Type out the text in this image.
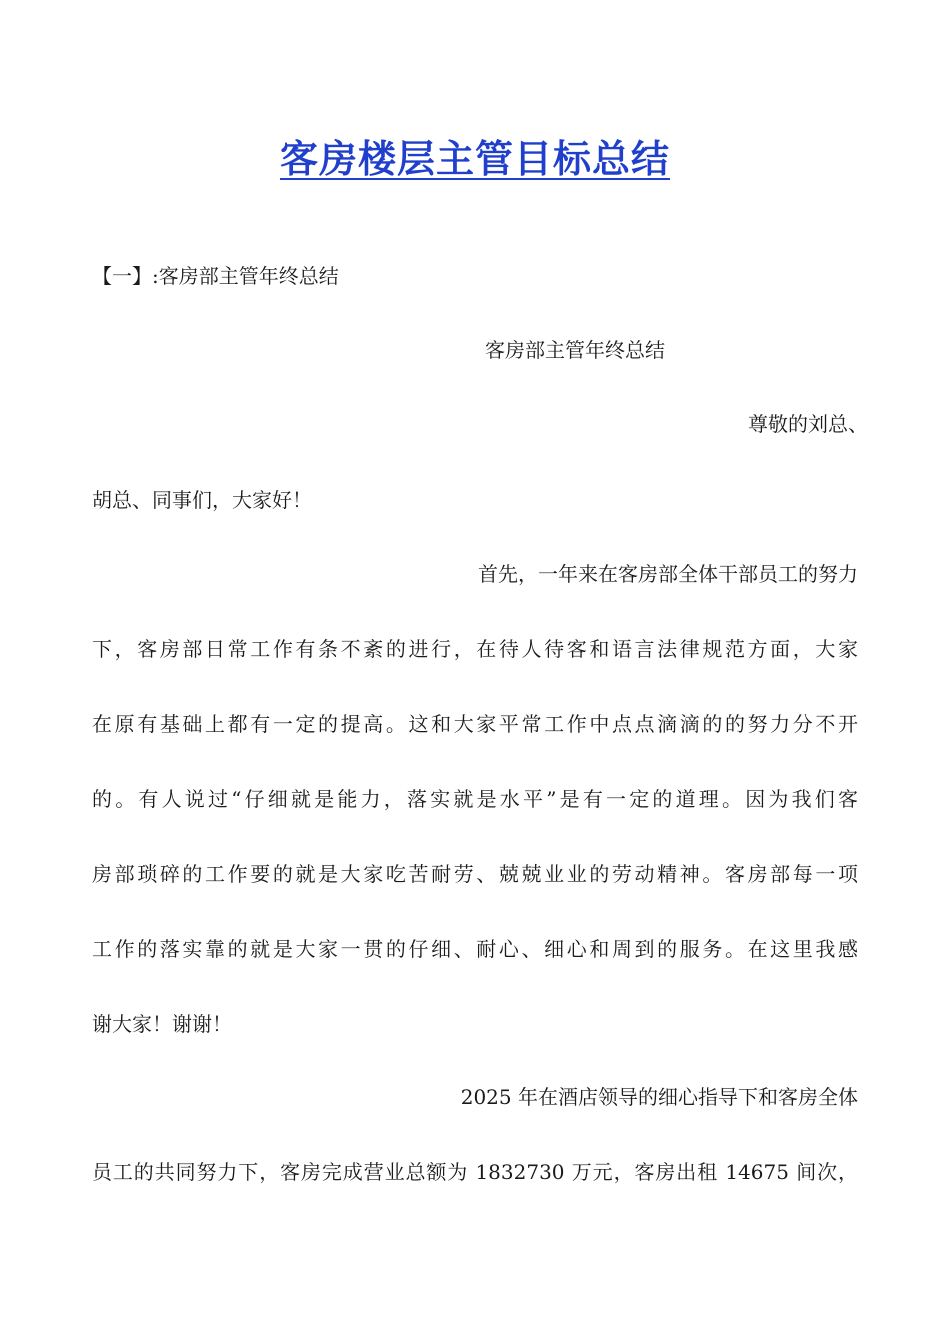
客房楼层主管目标总结
【一】:客房部主管年终总结
客房部主管年终总结
尊敬的刘总、
胡总、同事们，大家好！
首先，一年来在客房部全体干部员工的努力
下，客房部日常工作有条不紊的进行，在待人待客和语言法律规范方面，大家
在原有基础上都有一定的提高。这和大家平常工作中点点滴滴的的努力分不开
的。有人说过“仔细就是能力，落实就是水平”是有一定的道理。因为我们客
房部琐碎的工作要的就是大家吃苦耐劳、兢兢业业的劳动精神。客房部每一项
工作的落实靠的就是大家一贯的仔细、耐心、细心和周到的服务。在这里我感
谢大家！谢谢！
2025 年在酒店领导的细心指导下和客房全体
员工的共同努力下，客房完成营业总额为 1832730 万元，客房出租 14675 间次，
